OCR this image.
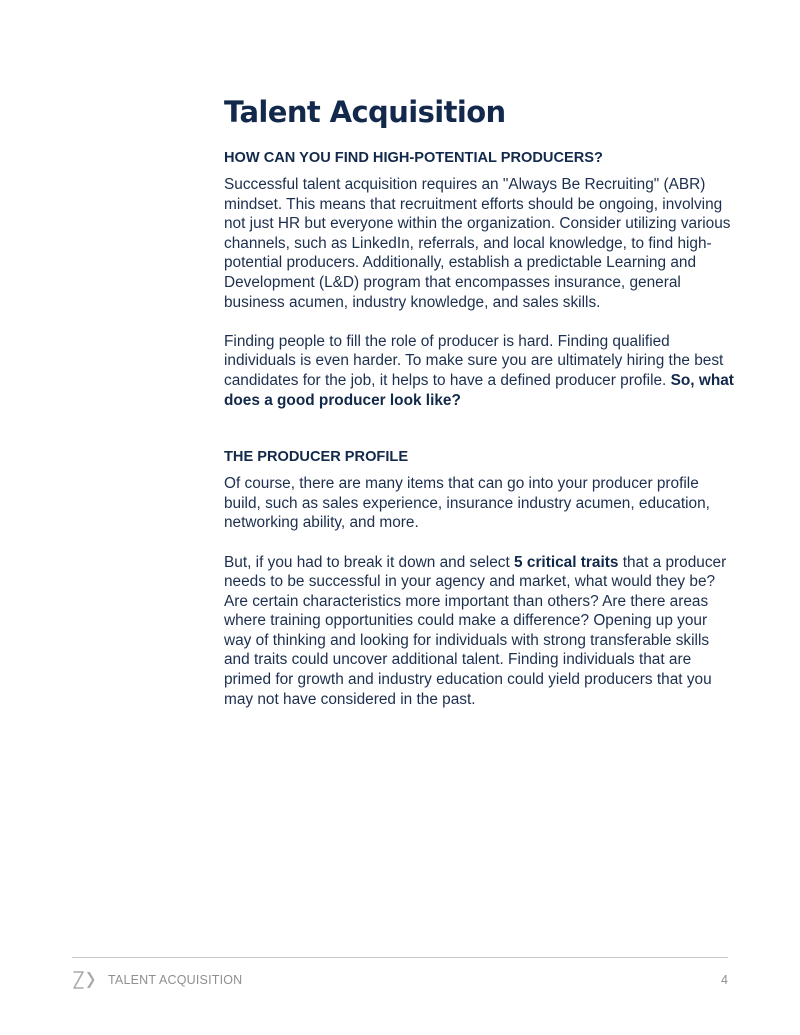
Talent Acquisition
HOW CAN YOU FIND HIGH-POTENTIAL PRODUCERS?

Successful talent acquisition requires an "Always Be Recruiting" (ABR) mindset. This means that recruitment efforts should be ongoing, involving not just HR but everyone within the organization. Consider utilizing various channels, such as LinkedIn, referrals, and local knowledge, to find high-potential producers. Additionally, establish a predictable Learning and Development (L&D) program that encompasses insurance, general business acumen, industry knowledge, and sales skills.

Finding people to fill the role of producer is hard. Finding qualified individuals is even harder. To make sure you are ultimately hiring the best candidates for the job, it helps to have a defined producer profile. So, what does a good producer look like?

THE PRODUCER PROFILE

Of course, there are many items that can go into your producer profile build, such as sales experience, insurance industry acumen, education, networking ability, and more.

But, if you had to break it down and select 5 critical traits that a producer needs to be successful in your agency and market, what would they be? Are certain characteristics more important than others? Are there areas where training opportunities could make a difference? Opening up your way of thinking and looking for individuals with strong transferable skills and traits could uncover additional talent. Finding individuals that are primed for growth and industry education could yield producers that you may not have considered in the past.

TALENT ACQUISITION	4
